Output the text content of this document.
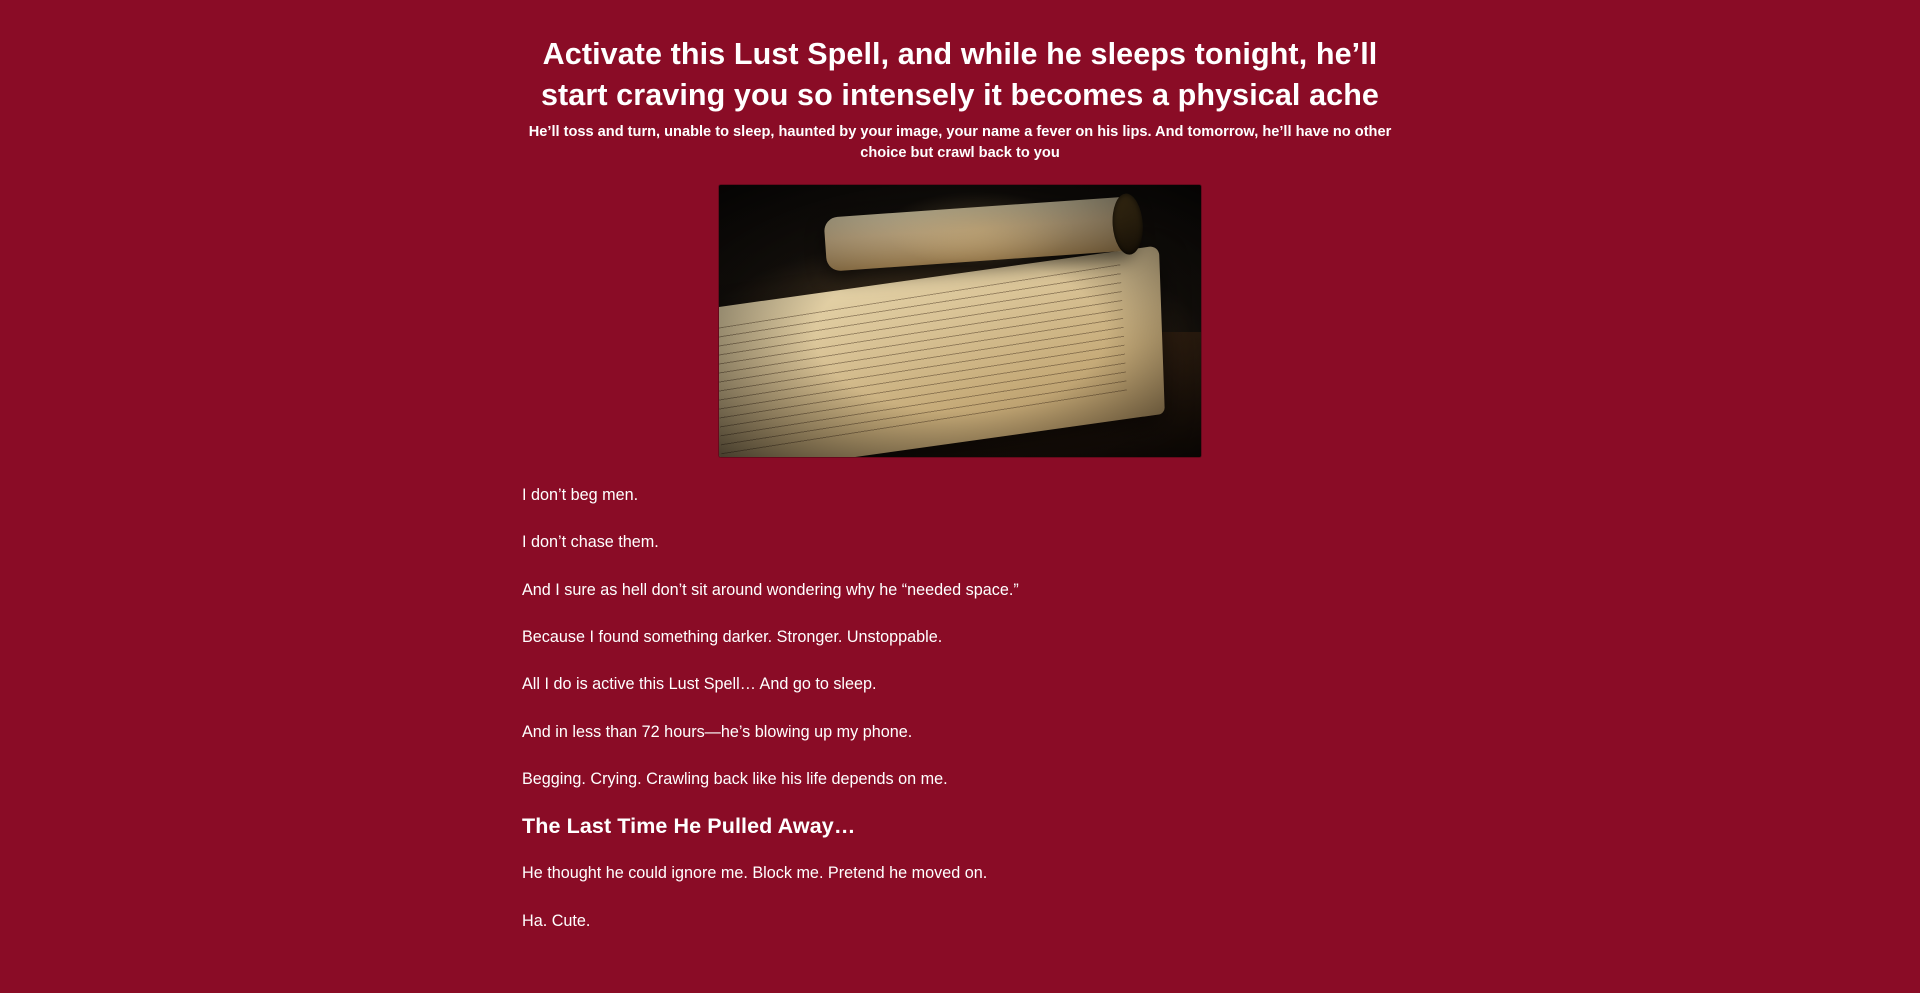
Activate this Lust Spell, and while he sleeps tonight, he’ll start craving you so intensely it becomes a physical ache
He’ll toss and turn, unable to sleep, haunted by your image, your name a fever on his lips. And tomorrow, he’ll have no other choice but crawl back to you

I don’t beg men.

I don’t chase them.

And I sure as hell don’t sit around wondering why he “needed space.”

Because I found something darker. Stronger. Unstoppable.

All I do is active this Lust Spell… And go to sleep.

And in less than 72 hours—he’s blowing up my phone.

Begging. Crying. Crawling back like his life depends on me.

The Last Time He Pulled Away…

He thought he could ignore me. Block me. Pretend he moved on.

Ha. Cute.
